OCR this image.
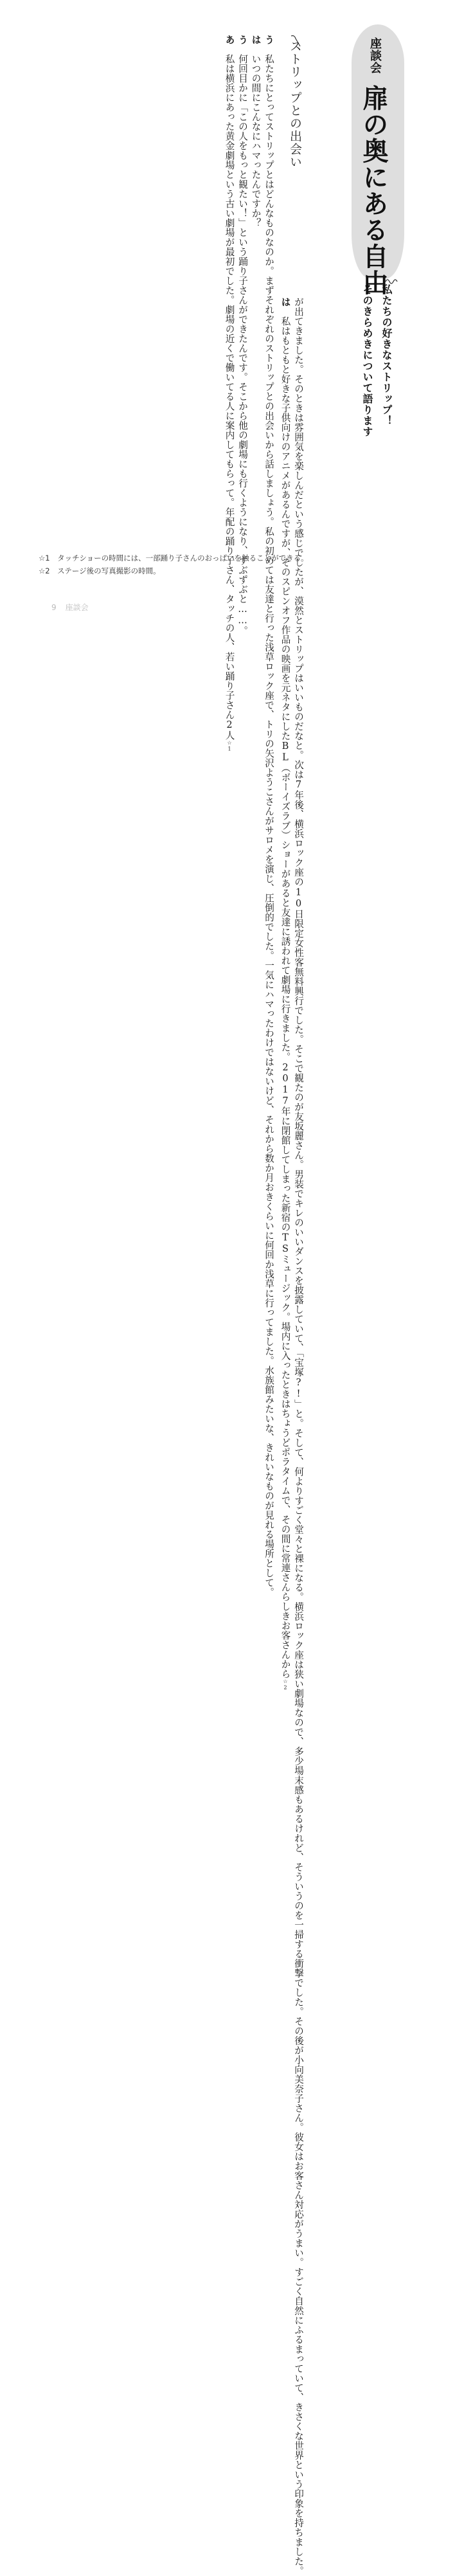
座談会
扉の奥にある自由
私たちの好きなストリップ！
そのきらめきについて語ります
ストリップとの出会い
う　私たちにとってストリップとはどんなものなのか。まずそれぞれのストリップとの出会いから話しましょう。私の初めては友達と行った浅草ロック座で、トリの矢沢ようこさんがサロメを演じ、圧倒的でした。一気にハマったわけではないけど、それから数か月おきくらいに何回か浅草に行ってました。水族館みたいな、きれいなものが見れる場所として。
は　いつの間にこんなにハマったんですか？
う　何回目かに「この人をもっと観たい！」という踊り子さんができたんです。そこから他の劇場にも行くようになり、ずぶずぶと……。
あ　私は横浜にあった黄金劇場という古い劇場が最初でした。劇場の近くで働いてる人に案内してもらって。年配の踊り子さん、タッチの人、若い踊り子さん2人☆1	が出てきました。そのときは雰囲気を楽しんだという感じでしたが、漠然とストリップはいいものだなと。次は7年後、横浜ロック座の10日限定女性客無料興行でした。そこで観たのが友坂麗さん。男装でキレのいいダンスを披露していて、「宝塚?!」と。そして、何よりすごく堂々と裸になる。横浜ロック座は狭い劇場なので、多少場末感もあるけれど、そういうのを一掃する衝撃でした。その後が小向美奈子さん。彼女はお客さん対応がうまい。すごく自然にふるまっていて、きさくな世界という印象を持ちました。
は　私はもともと好きな子供向けのアニメがあるんですが、そのスピンオフ作品の映画を元ネタにしたBL（ボーイズラブ）ショーがあると友達に誘われて劇場に行きました。2017年に閉館してしまった新宿のTSミュージック。場内に入ったときはちょうどポラタイムで、その間に常連さんらしきお客さんから☆2
☆1　 タッチショーの時間には、一部踊り子さんのおっぱいを触ることができる。
☆2　 ステージ後の写真撮影の時間。
9 座談会
